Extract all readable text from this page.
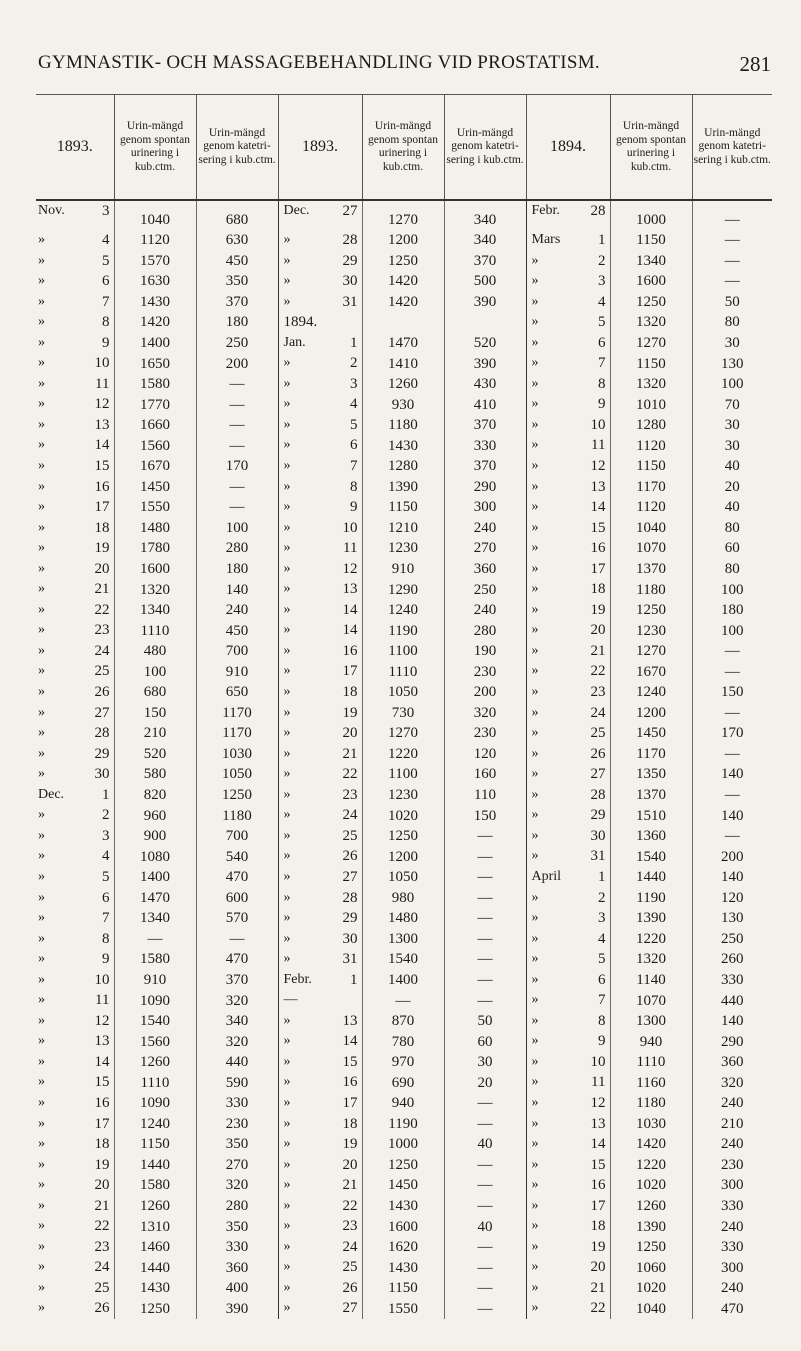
GYMNASTIK- OCH MASSAGEBEHANDLING VID PROSTATISM.	281
1893.	Urin-mängd genom spontan urinering i kub.ctm.	Urin-mängd genom katetri-sering i kub.ctm.	1893.	Urin-mängd genom spontan urinering i kub.ctm.	Urin-mängd genom katetri-sering i kub.ctm.	1894.	Urin-mängd genom spontan urinering i kub.ctm.	Urin-mängd genom katetri-sering i kub.ctm.

Nov. 3	1040	680	Dec. 27	1270	340	Febr. 28	1000	—

» 4	1120	630	» 28	1200	340	Mars 1	1150	—

» 5	1570	450	» 29	1250	370	» 2	1340	—

» 6	1630	350	» 30	1420	500	» 3	1600	—

» 7	1430	370	» 31	1420	390	» 4	1250	50

» 8	1420	180	1894.			» 5	1320	80

» 9	1400	250	Jan. 1	1470	520	» 6	1270	30

» 10	1650	200	» 2	1410	390	» 7	1150	130

» 11	1580	—	» 3	1260	430	» 8	1320	100

» 12	1770	—	» 4	930	410	» 9	1010	70

» 13	1660	—	» 5	1180	370	» 10	1280	30

» 14	1560	—	» 6	1430	330	» 11	1120	30

» 15	1670	170	» 7	1280	370	» 12	1150	40

» 16	1450	—	» 8	1390	290	» 13	1170	20

» 17	1550	—	» 9	1150	300	» 14	1120	40

» 18	1480	100	» 10	1210	240	» 15	1040	80

» 19	1780	280	» 11	1230	270	» 16	1070	60

» 20	1600	180	» 12	910	360	» 17	1370	80

» 21	1320	140	» 13	1290	250	» 18	1180	100

» 22	1340	240	» 14	1240	240	» 19	1250	180

» 23	1110	450	» 14	1190	280	» 20	1230	100

» 24	480	700	» 16	1100	190	» 21	1270	—

» 25	100	910	» 17	1110	230	» 22	1670	—

» 26	680	650	» 18	1050	200	» 23	1240	150

» 27	150	1170	» 19	730	320	» 24	1200	—

» 28	210	1170	» 20	1270	230	» 25	1450	170

» 29	520	1030	» 21	1220	120	» 26	1170	—

» 30	580	1050	» 22	1100	160	» 27	1350	140

Dec. 1	820	1250	» 23	1230	110	» 28	1370	—

» 2	960	1180	» 24	1020	150	» 29	1510	140

» 3	900	700	» 25	1250	—	» 30	1360	—

» 4	1080	540	» 26	1200	—	» 31	1540	200

» 5	1400	470	» 27	1050	—	April 1	1440	140

» 6	1470	600	» 28	980	—	» 2	1190	120

» 7	1340	570	» 29	1480	—	» 3	1390	130

» 8	—	—	» 30	1300	—	» 4	1220	250

» 9	1580	470	» 31	1540	—	» 5	1320	260

» 10	910	370	Febr. 1	1400	—	» 6	1140	330

» 11	1090	320	—	—	—	» 7	1070	440

» 12	1540	340	» 13	870	50	» 8	1300	140

» 13	1560	320	» 14	780	60	» 9	940	290

» 14	1260	440	» 15	970	30	» 10	1110	360

» 15	1110	590	» 16	690	20	» 11	1160	320

» 16	1090	330	» 17	940	—	» 12	1180	240

» 17	1240	230	» 18	1190	—	» 13	1030	210

» 18	1150	350	» 19	1000	40	» 14	1420	240

» 19	1440	270	» 20	1250	—	» 15	1220	230

» 20	1580	320	» 21	1450	—	» 16	1020	300

» 21	1260	280	» 22	1430	—	» 17	1260	330

» 22	1310	350	» 23	1600	40	» 18	1390	240

» 23	1460	330	» 24	1620	—	» 19	1250	330

» 24	1440	360	» 25	1430	—	» 20	1060	300

» 25	1430	400	» 26	1150	—	» 21	1020	240

» 26	1250	390	» 27	1550	—	» 22	1040	470
